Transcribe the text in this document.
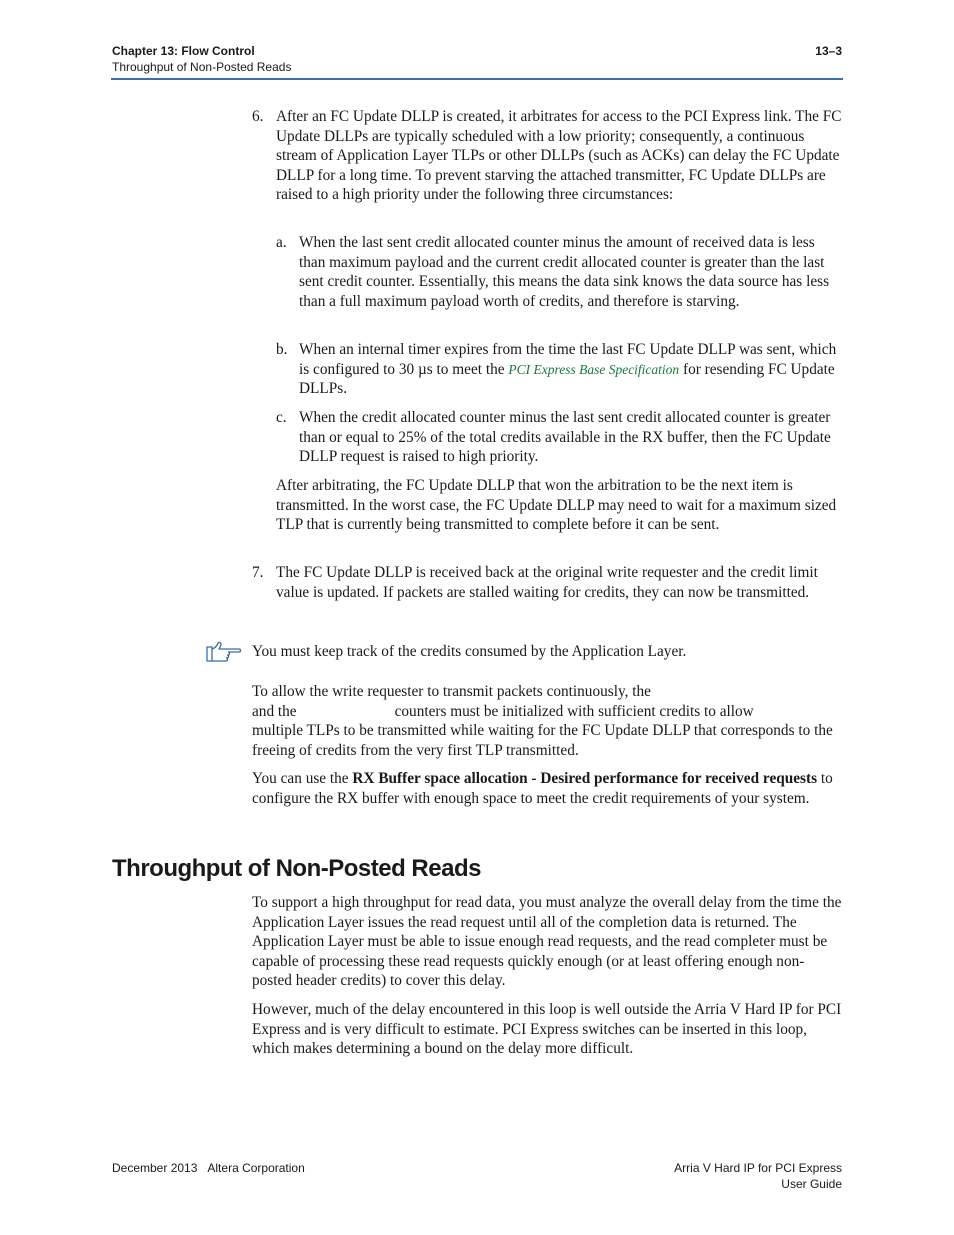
Chapter 13: Flow Control
Throughput of Non-Posted Reads
13–3
6. After an FC Update DLLP is created, it arbitrates for access to the PCI Express link. The FC Update DLLPs are typically scheduled with a low priority; consequently, a continuous stream of Application Layer TLPs or other DLLPs (such as ACKs) can delay the FC Update DLLP for a long time. To prevent starving the attached transmitter, FC Update DLLPs are raised to a high priority under the following three circumstances:
a. When the last sent credit allocated counter minus the amount of received data is less than maximum payload and the current credit allocated counter is greater than the last sent credit counter. Essentially, this means the data sink knows the data source has less than a full maximum payload worth of credits, and therefore is starving.
b. When an internal timer expires from the time the last FC Update DLLP was sent, which is configured to 30 µs to meet the PCI Express Base Specification for resending FC Update DLLPs.
c. When the credit allocated counter minus the last sent credit allocated counter is greater than or equal to 25% of the total credits available in the RX buffer, then the FC Update DLLP request is raised to high priority.
After arbitrating, the FC Update DLLP that won the arbitration to be the next item is transmitted. In the worst case, the FC Update DLLP may need to wait for a maximum sized TLP that is currently being transmitted to complete before it can be sent.
7. The FC Update DLLP is received back at the original write requester and the credit limit value is updated. If packets are stalled waiting for credits, they can now be transmitted.
You must keep track of the credits consumed by the Application Layer.
To allow the write requester to transmit packets continuously, the
and the	counters must be initialized with sufficient credits to allow
multiple TLPs to be transmitted while waiting for the FC Update DLLP that corresponds to the freeing of credits from the very first TLP transmitted.
You can use the RX Buffer space allocation - Desired performance for received requests to configure the RX buffer with enough space to meet the credit requirements of your system.
Throughput of Non-Posted Reads
To support a high throughput for read data, you must analyze the overall delay from the time the Application Layer issues the read request until all of the completion data is returned. The Application Layer must be able to issue enough read requests, and the read completer must be capable of processing these read requests quickly enough (or at least offering enough non-posted header credits) to cover this delay.
However, much of the delay encountered in this loop is well outside the Arria V Hard IP for PCI Express and is very difficult to estimate. PCI Express switches can be inserted in this loop, which makes determining a bound on the delay more difficult.
December 2013 Altera Corporation	Arria V Hard IP for PCI Express
User Guide
